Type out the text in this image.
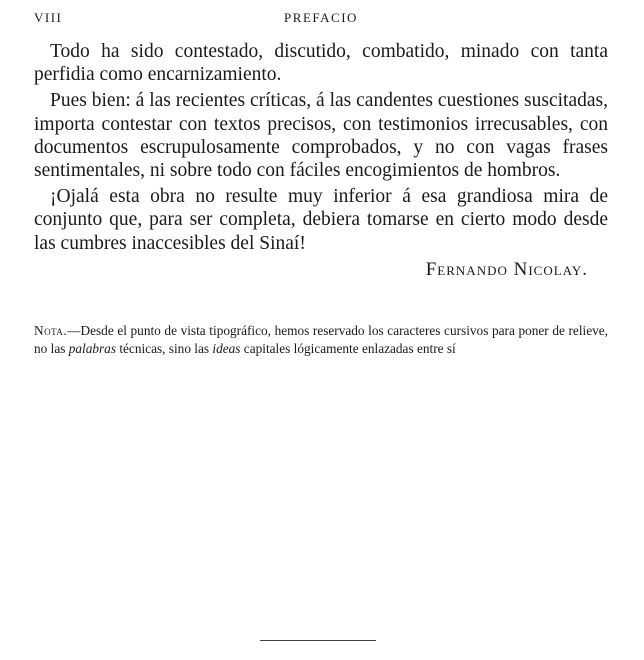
VIII	PREFACIO

Todo ha sido contestado, discutido, combatido, minado con tanta perfidia como encarnizamiento.

Pues bien: á las recientes críticas, á las candentes cuestiones suscitadas, importa contestar con textos precisos, con testimonios irrecusables, con documentos escrupulosamente comprobados, y no con vagas frases sentimentales, ni sobre todo con fáciles encogimientos de hombros.

¡Ojalá esta obra no resulte muy inferior á esa grandiosa mira de conjunto que, para ser completa, debiera tomarse en cierto modo desde las cumbres inaccesibles del Sinaí!

Fernando Nicolay.

Nota.—Desde el punto de vista tipográfico, hemos reservado los caracteres cursivos para poner de relieve, no las palabras técnicas, sino las ideas capitales lógicamente enlazadas entre sí
